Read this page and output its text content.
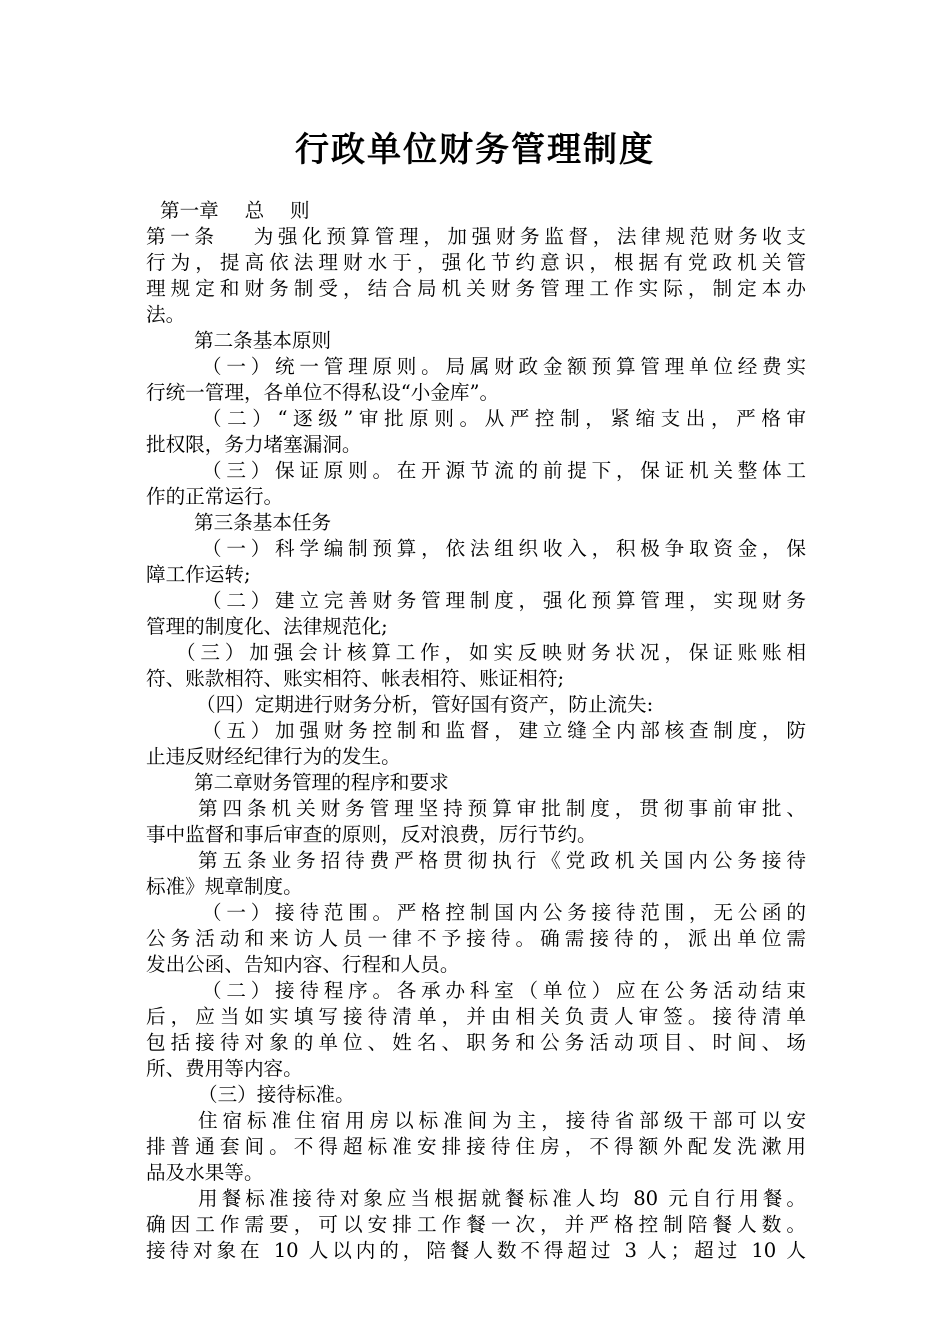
行政单位财务管理制度
第一章　 总　 则
第一条　 为强化预算管理，加强财务监督，法律规范财务收支
行为，提高依法理财水于，强化节约意识，根据有党政机关管
理规定和财务制受，结合局机关财务管理工作实际，制定本办
法。
第二条基本原则
（一）统一管理原则。局属财政金额预算管理单位经费实
行统一管理，各单位不得私设“小金库”。
（二）“逐级”审批原则。从严控制，紧缩支出，严格审
批权限，务力堵塞漏洞。
（三）保证原则。在开源节流的前提下，保证机关整体工
作的正常运行。
第三条基本任务
（一）科学编制预算，依法组织收入，积极争取资金，保
障工作运转;
（二）建立完善财务管理制度，强化预算管理，实现财务
管理的制度化、法律规范化;
（三）加强会计核算工作，如实反映财务状况，保证账账相
符、账款相符、账实相符、帐表相符、账证相符;
（四）定期进行财务分析，管好国有资产，防止流失:
（五）加强财务控制和监督，建立缝全内部核查制度，防
止违反财经纪律行为的发生。
第二章财务管理的程序和要求
第四条机关财务管理坚持预算审批制度，贯彻事前审批、
事中监督和事后审查的原则，反对浪费，厉行节约。
第五条业务招待费严格贯彻执行《党政机关国内公务接待
标准》规章制度。
（一）接待范围。严格控制国内公务接待范围，无公函的
公务活动和来访人员一律不予接待。确需接待的，派出单位需
发出公函、告知内容、行程和人员。
（二）接待程序。各承办科室（单位）应在公务活动结束
后，应当如实填写接待清单，并由相关负责人审签。接待清单
包括接待对象的单位、姓名、职务和公务活动项目、时间、场
所、费用等内容。
（三）接待标准。
住宿标准住宿用房以标准间为主，接待省部级干部可以安
排普通套间。不得超标准安排接待住房，不得额外配发洗漱用
品及水果等。
用餐标准接待对象应当根据就餐标准人均 80 元自行用餐。
确因工作需要，可以安排工作餐一次，并严格控制陪餐人数。
接待对象在 10 人以内的，陪餐人数不得超过 3 人；超过 10 人
